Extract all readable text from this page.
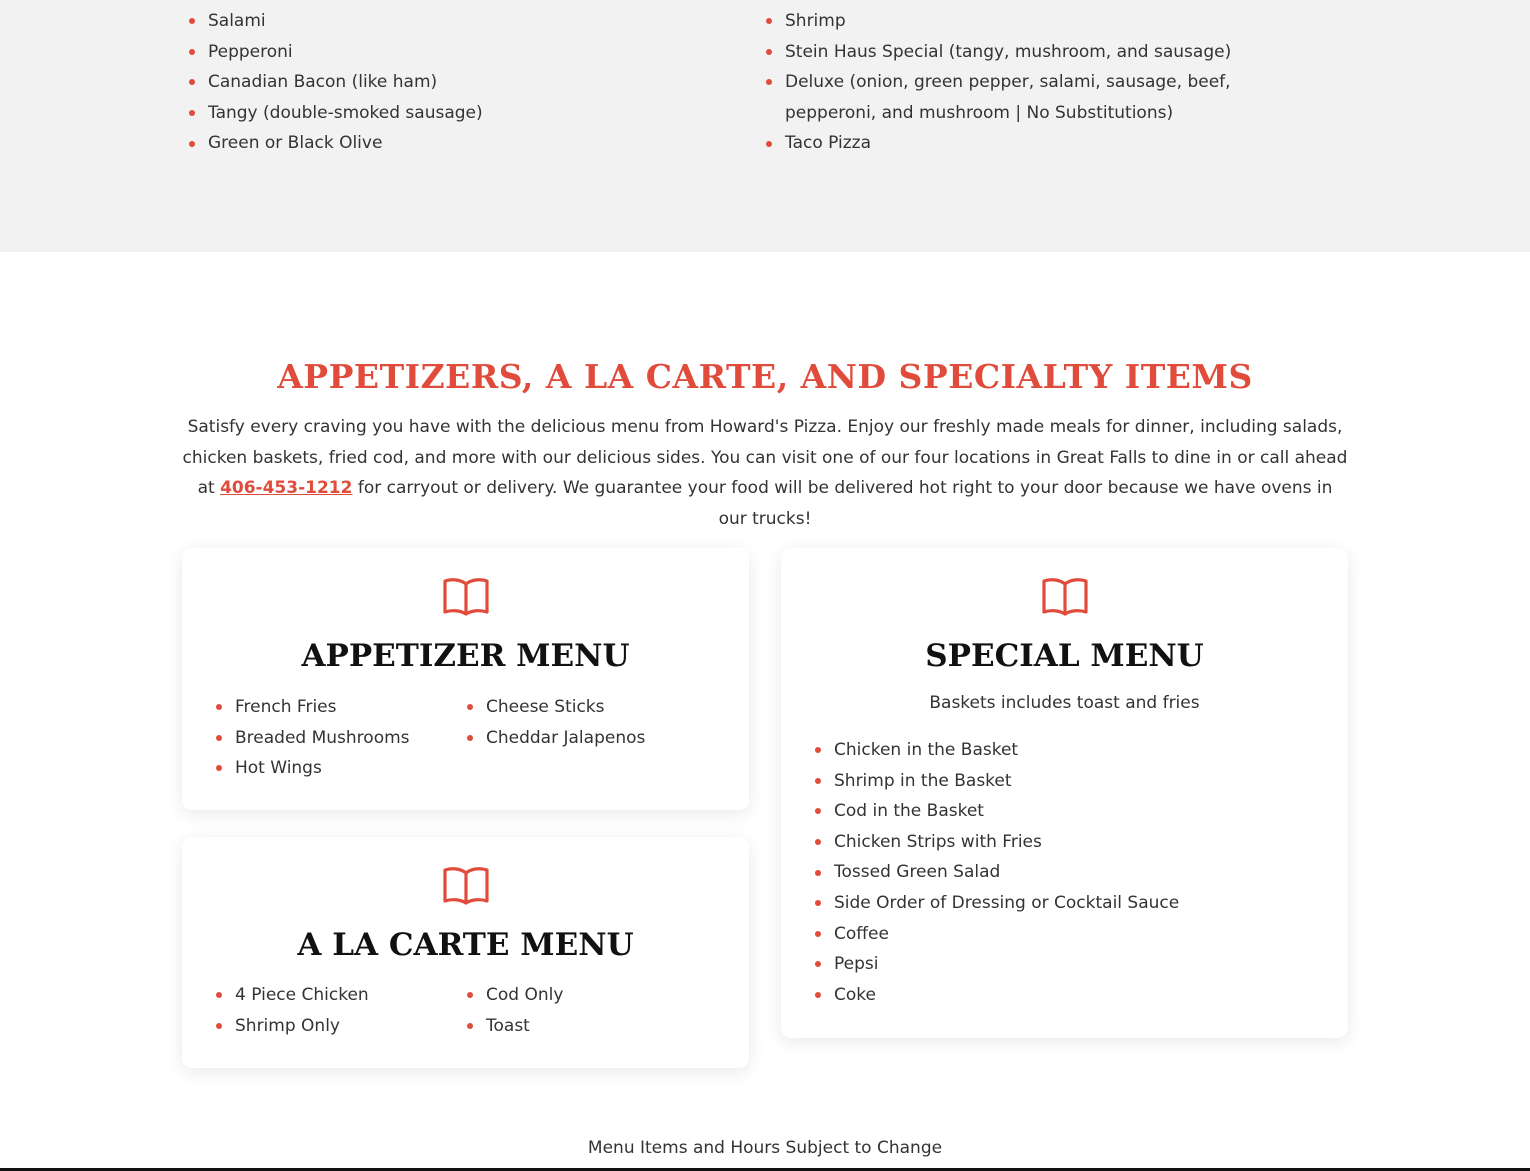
Salami
Pepperoni
Canadian Bacon (like ham)
Tangy (double-smoked sausage)
Green or Black Olive
Shrimp
Stein Haus Special (tangy, mushroom, and sausage)
Deluxe (onion, green pepper, salami, sausage, beef, pepperoni, and mushroom | No Substitutions)
Taco Pizza
APPETIZERS, A LA CARTE, AND SPECIALTY ITEMS

Satisfy every craving you have with the delicious menu from Howard's Pizza. Enjoy our freshly made meals for dinner, including salads, chicken baskets, fried cod, and more with our delicious sides. You can visit one of our four locations in Great Falls to dine in or call ahead at 406-453-1212 for carryout or delivery. We guarantee your food will be delivered hot right to your door because we have ovens in our trucks!

APPETIZER MENU
French Fries
Breaded Mushrooms
Hot Wings
Cheese Sticks
Cheddar Jalapenos
A LA CARTE MENU
4 Piece Chicken
Shrimp Only
Cod Only
Toast
SPECIAL MENU

Baskets includes toast and fries

Chicken in the Basket
Shrimp in the Basket
Cod in the Basket
Chicken Strips with Fries
Tossed Green Salad
Side Order of Dressing or Cocktail Sauce
Coffee
Pepsi
Coke

Menu Items and Hours Subject to Change
